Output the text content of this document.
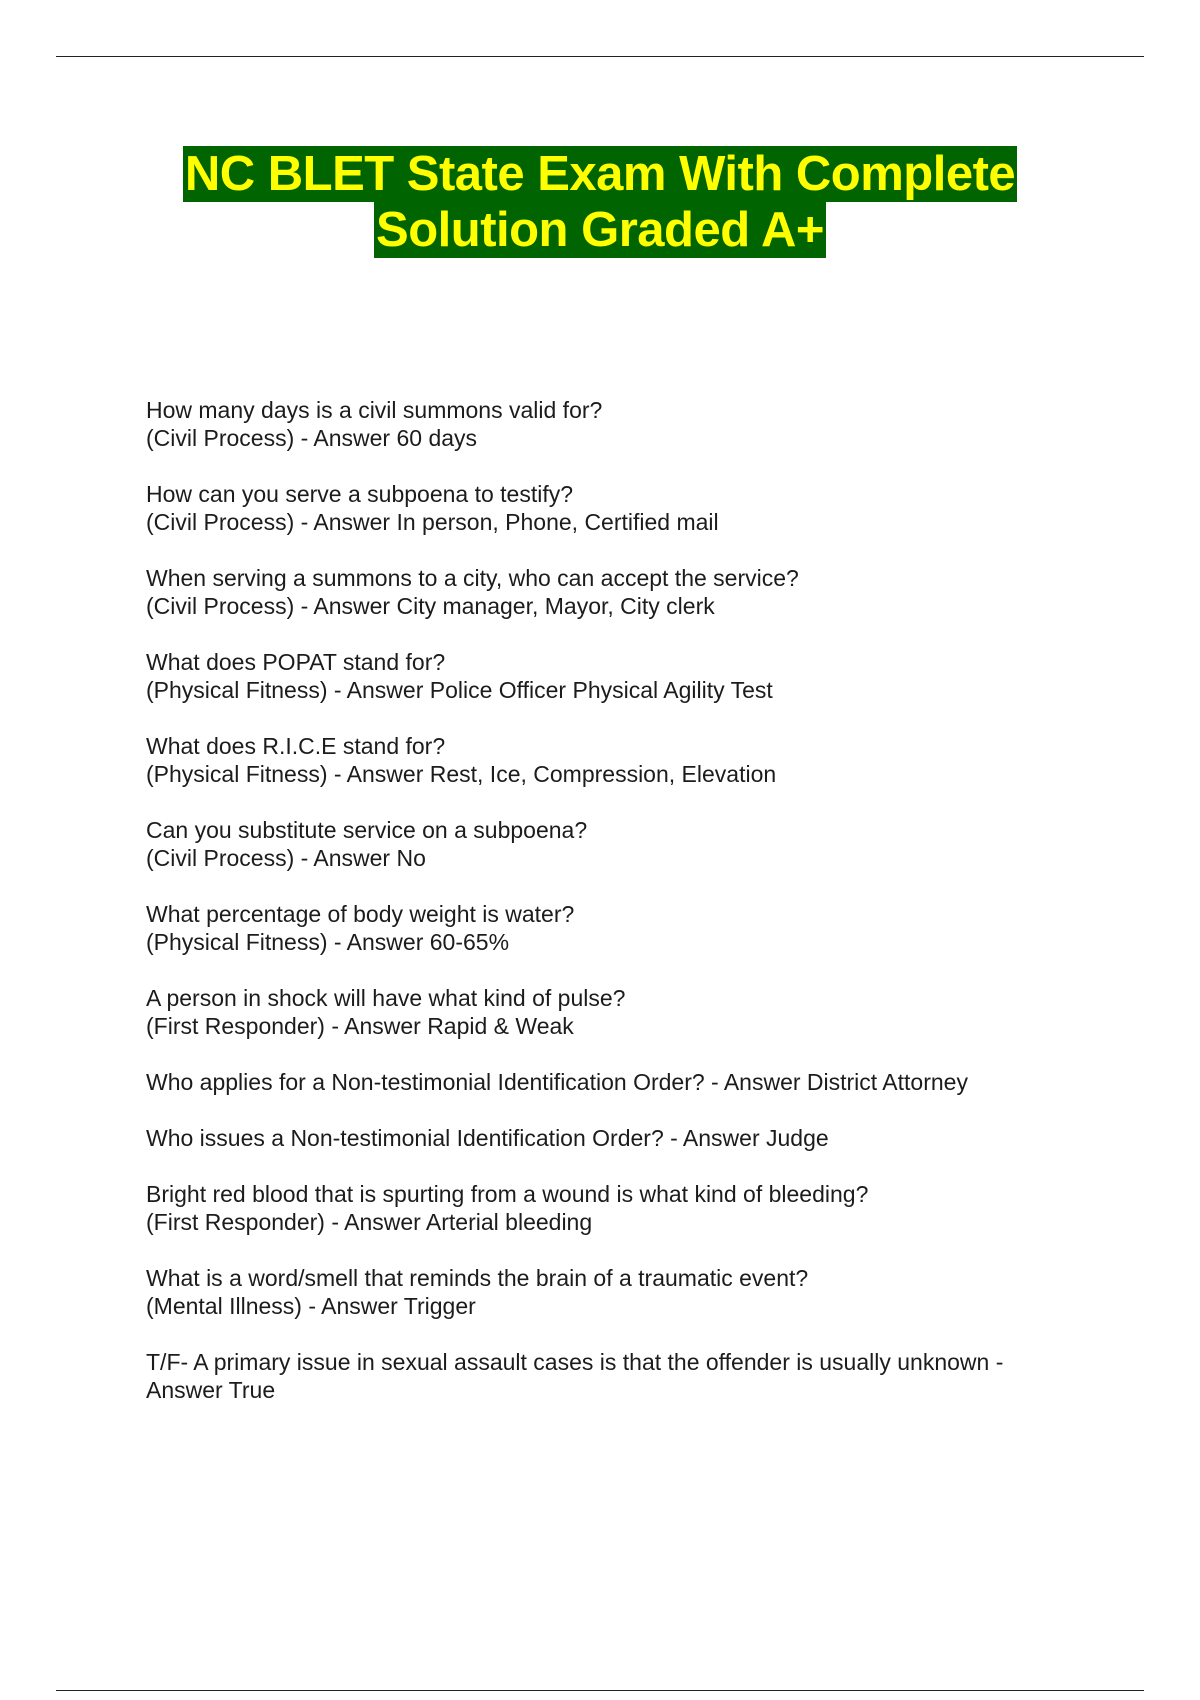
NC BLET State Exam With Complete
Solution Graded A+
How many days is a civil summons valid for?
(Civil Process) - Answer 60 days
How can you serve a subpoena to testify?
(Civil Process) - Answer In person, Phone, Certified mail
When serving a summons to a city, who can accept the service?
(Civil Process) - Answer City manager, Mayor, City clerk
What does POPAT stand for?
(Physical Fitness) - Answer Police Officer Physical Agility Test
What does R.I.C.E stand for?
(Physical Fitness) - Answer Rest, Ice, Compression, Elevation
Can you substitute service on a subpoena?
(Civil Process) - Answer No
What percentage of body weight is water?
(Physical Fitness) - Answer 60-65%
A person in shock will have what kind of pulse?
(First Responder) - Answer Rapid & Weak
Who applies for a Non-testimonial Identification Order? - Answer District Attorney
Who issues a Non-testimonial Identification Order? - Answer Judge
Bright red blood that is spurting from a wound is what kind of bleeding?
(First Responder) - Answer Arterial bleeding
What is a word/smell that reminds the brain of a traumatic event?
(Mental Illness) - Answer Trigger
T/F- A primary issue in sexual assault cases is that the offender is usually unknown -
Answer True
